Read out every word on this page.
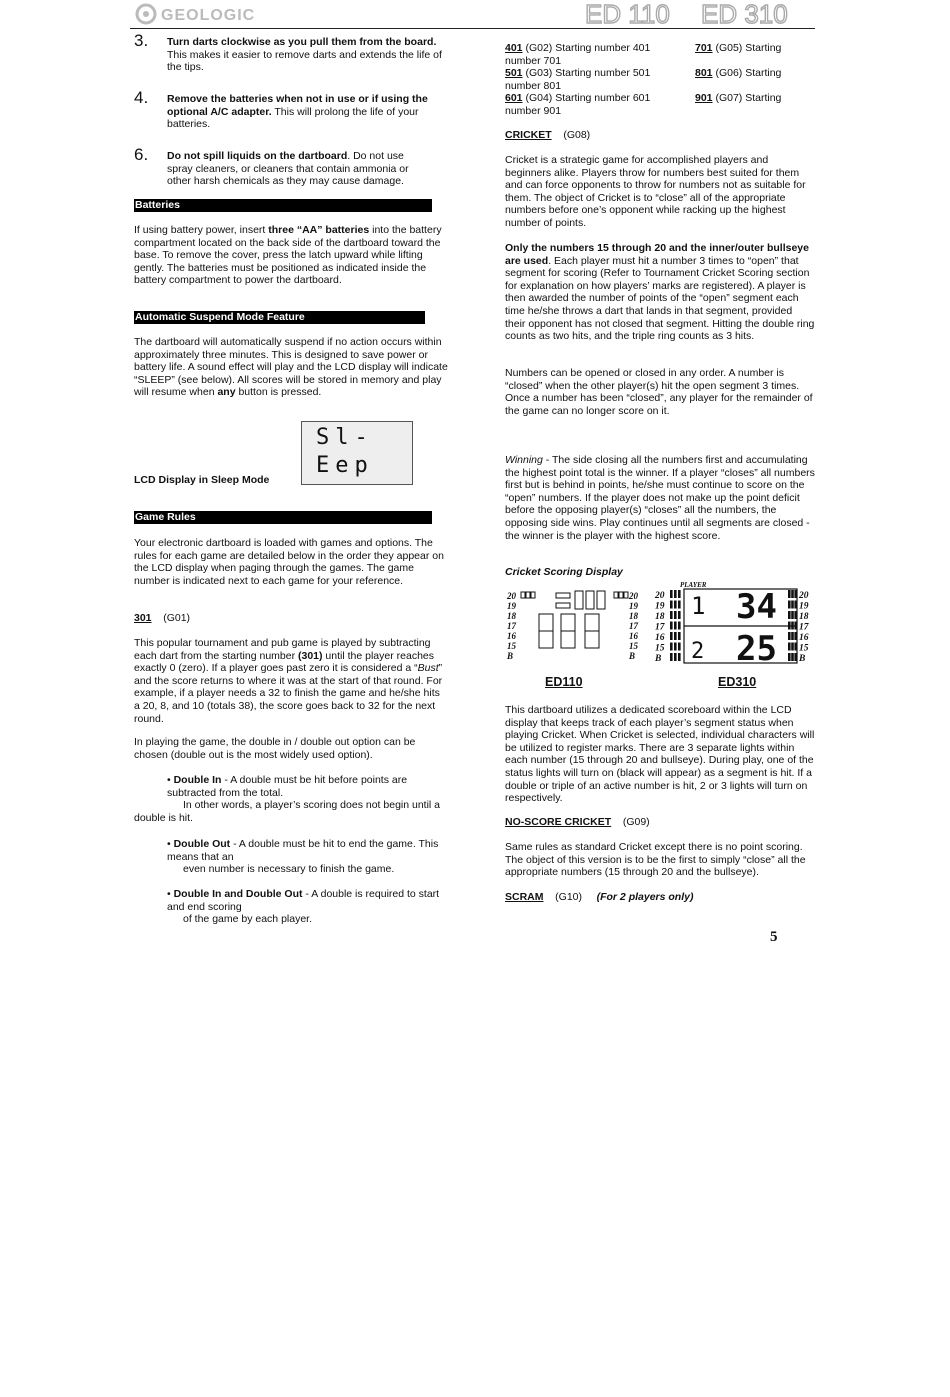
GEOLOGIC	ED 110 ED 310
3. Turn darts clockwise as you pull them from the board. This makes it easier to remove darts and extends the life of the tips.

4. Remove the batteries when not in use or if using the optional A/C adapter. This will prolong the life of your batteries.

6. Do not spill liquids on the dartboard. Do not use spray cleaners, or cleaners that contain ammonia or other harsh chemicals as they may cause damage.

Batteries

If using battery power, insert three “AA” batteries into the battery compartment located on the back side of the dartboard toward the base. To remove the cover, press the latch upward while lifting gently. The batteries must be positioned as indicated inside the battery compartment to power the dartboard.

Automatic Suspend Mode Feature

The dartboard will automatically suspend if no action occurs within approximately three minutes. This is designed to save power or battery life. A sound effect will play and the LCD display will indicate “SLEEP” (see below). All scores will be stored in memory and play will resume when any button is pressed.

Sl-
Eep
LCD Display in Sleep Mode
Game Rules

Your electronic dartboard is loaded with games and options. The rules for each game are detailed below in the order they appear on the LCD display when paging through the games. The game number is indicated next to each game for your reference.

301 (G01)

This popular tournament and pub game is played by subtracting each dart from the starting number (301) until the player reaches exactly 0 (zero). If a player goes past zero it is considered a “Bust” and the score returns to where it was at the start of that round. For example, if a player needs a 32 to finish the game and he/she hits a 20, 8, and 10 (totals 38), the score goes back to 32 for the next round.

In playing the game, the double in / double out option can be chosen (double out is the most widely used option).

• Double In - A double must be hit before points are subtracted from the total.

In other words, a player’s scoring does not begin until a double is hit.

• Double Out - A double must be hit to end the game. This means that an

even number is necessary to finish the game.

• Double In and Double Out - A double is required to start and end scoring

of the game by each player.

401 (G02) Starting number 401

number 701

501 (G03) Starting number 501

number 801

601 (G04) Starting number 601

number 901

701 (G05) Starting

801 (G06) Starting

901 (G07) Starting

CRICKET (G08)

Cricket is a strategic game for accomplished players and beginners alike. Players throw for numbers best suited for them and can force opponents to throw for numbers not as suitable for them. The object of Cricket is to “close” all of the appropriate numbers before one’s opponent while racking up the highest number of points.

Only the numbers 15 through 20 and the inner/outer bullseye are used. Each player must hit a number 3 times to “open” that segment for scoring (Refer to Tournament Cricket Scoring section for explanation on how players’ marks are registered). A player is then awarded the number of points of the “open” segment each time he/she throws a dart that lands in that segment, provided their opponent has not closed that segment. Hitting the double ring counts as two hits, and the triple ring counts as 3 hits.

Numbers can be opened or closed in any order. A number is “closed” when the other player(s) hit the open segment 3 times. Once a number has been “closed”, any player for the remainder of the game can no longer score on it.

Winning - The side closing all the numbers first and accumulating the highest point total is the winner. If a player “closes” all numbers first but is behind in points, he/she must continue to score on the “open” numbers. If the player does not make up the point deficit before the opposing player(s) “closes” all the numbers, the opposing side wins. Play continues until all segments are closed - the winner is the player with the highest score.

Cricket Scoring Display
20
19
18
17
16
15
B
20
19
18
17
16
15
B
PLAYER
20
19
18
17
16
15
B
20
19
18
17
16
15
B
1 34
2 25
ED110	ED310

This dartboard utilizes a dedicated scoreboard within the LCD display that keeps track of each player’s segment status when playing Cricket. When Cricket is selected, individual characters will be utilized to register marks. There are 3 separate lights within each number (15 through 20 and bullseye). During play, one of the status lights will turn on (black will appear) as a segment is hit. If a double or triple of an active number is hit, 2 or 3 lights will turn on respectively.

NO-SCORE CRICKET (G09)

Same rules as standard Cricket except there is no point scoring. The object of this version is to be the first to simply “close” all the appropriate numbers (15 through 20 and the bullseye).

SCRAM (G10) (For 2 players only)

5
